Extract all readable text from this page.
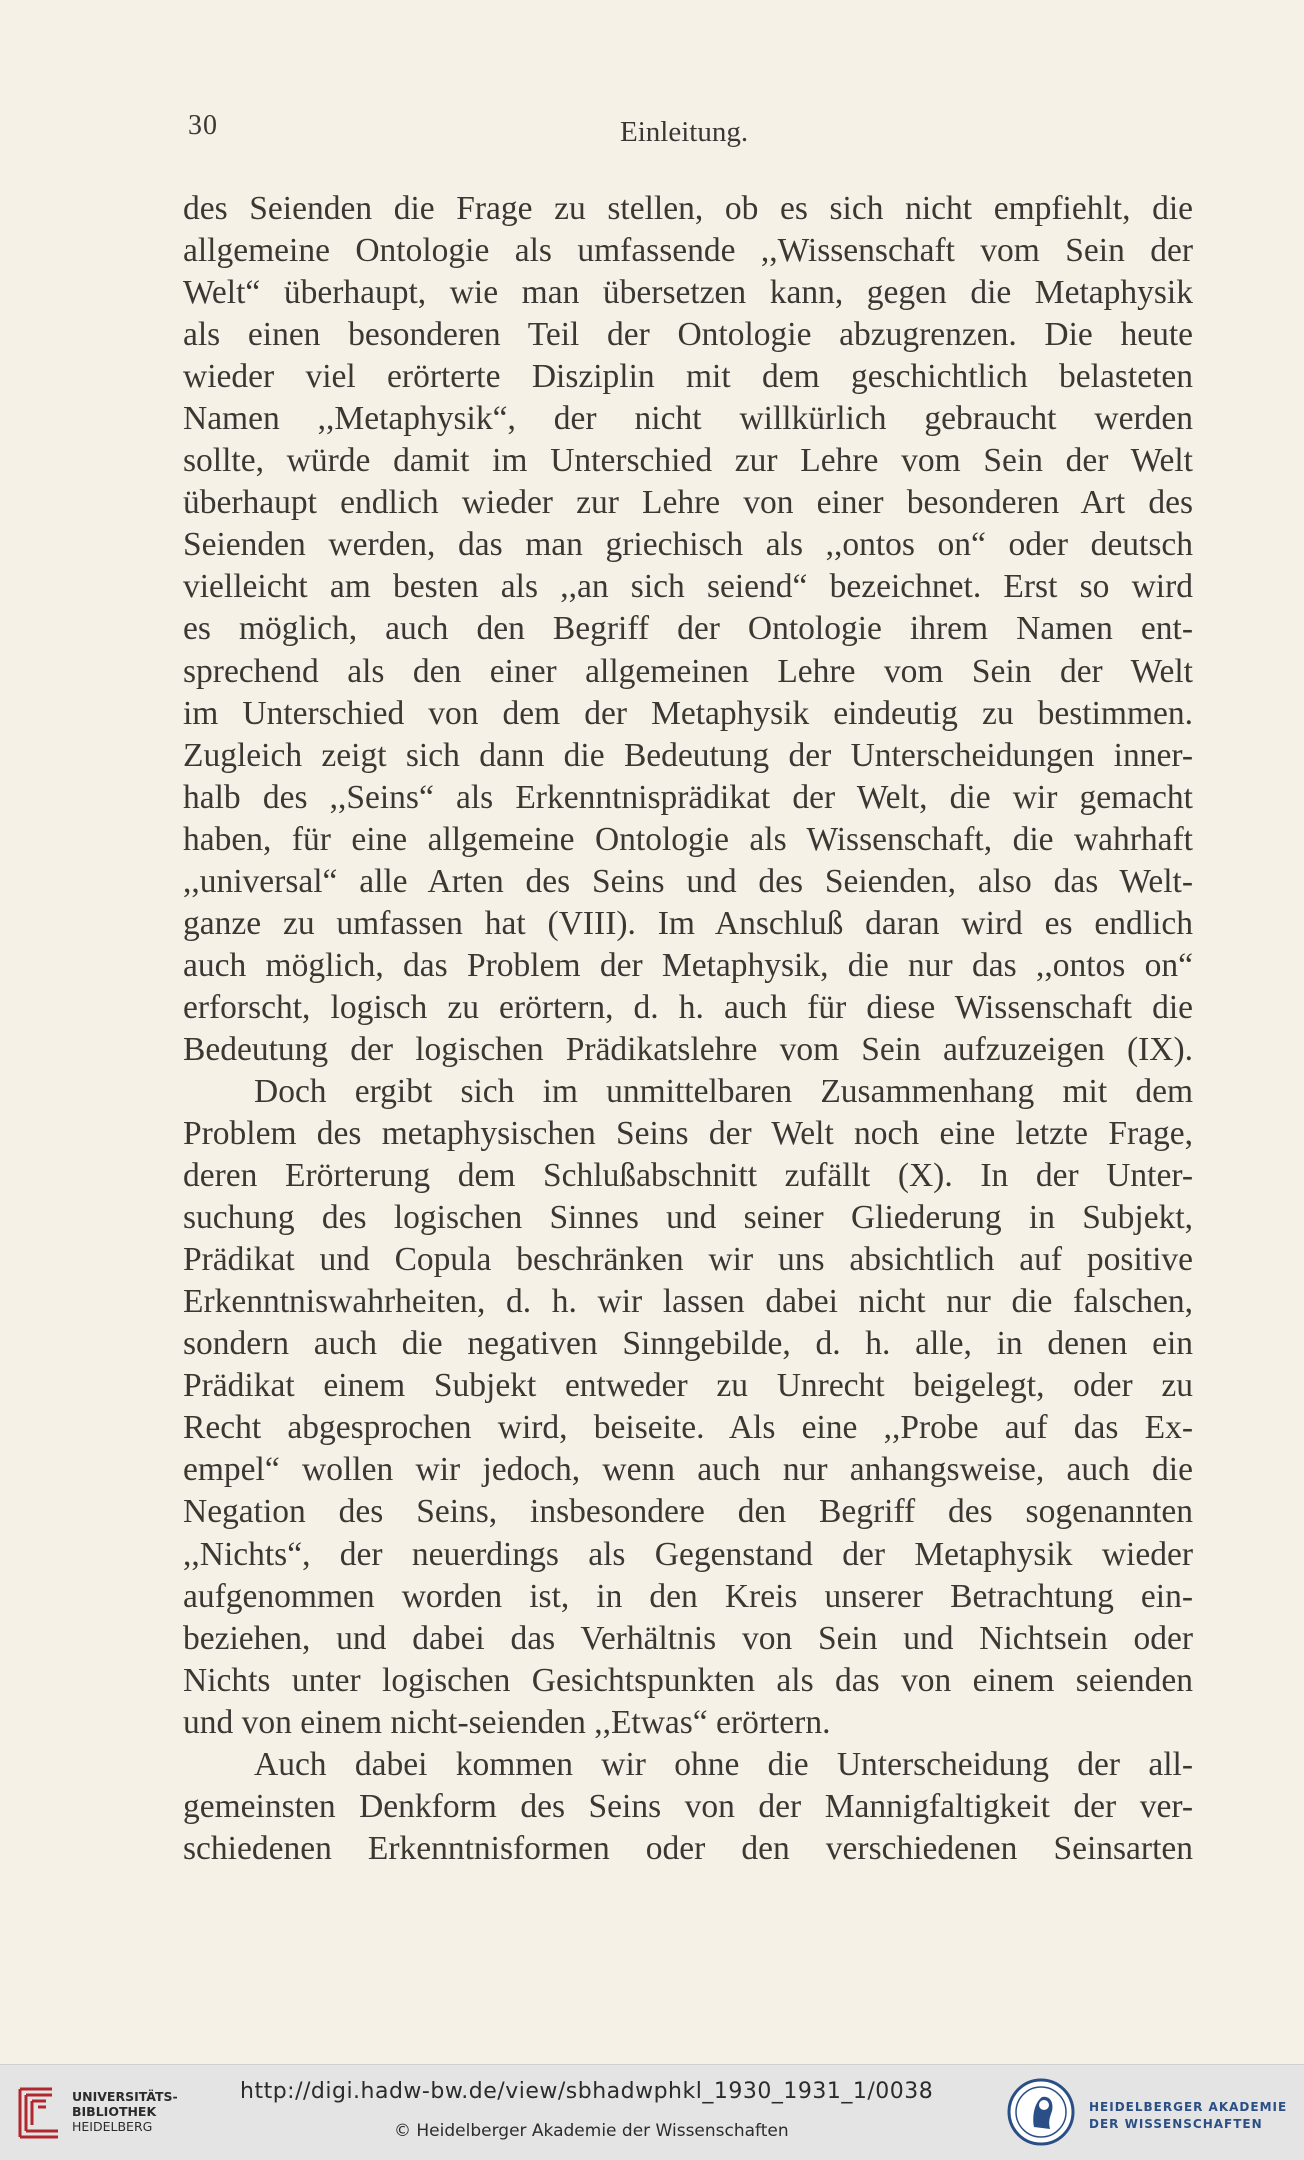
30	Einleitung.
des Seienden die Frage zu stellen, ob es sich nicht empfiehlt, die
allgemeine Ontologie als umfassende ,,Wissenschaft vom Sein der
Welt“ überhaupt, wie man übersetzen kann, gegen die Metaphysik
als einen besonderen Teil der Ontologie abzugrenzen. Die heute
wieder viel erörterte Disziplin mit dem geschichtlich belasteten
Namen ,,Metaphysik“, der nicht willkürlich gebraucht werden
sollte, würde damit im Unterschied zur Lehre vom Sein der Welt
überhaupt endlich wieder zur Lehre von einer besonderen Art des
Seienden werden, das man griechisch als ,,ontos on“ oder deutsch
vielleicht am besten als ,,an sich seiend“ bezeichnet. Erst so wird
es möglich, auch den Begriff der Ontologie ihrem Namen ent-
sprechend als den einer allgemeinen Lehre vom Sein der Welt
im Unterschied von dem der Metaphysik eindeutig zu bestimmen.
Zugleich zeigt sich dann die Bedeutung der Unterscheidungen inner-
halb des ,,Seins“ als Erkenntnisprädikat der Welt, die wir gemacht
haben, für eine allgemeine Ontologie als Wissenschaft, die wahrhaft
,,universal“ alle Arten des Seins und des Seienden, also das Welt-
ganze zu umfassen hat (VIII). Im Anschluß daran wird es endlich
auch möglich, das Problem der Metaphysik, die nur das ,,ontos on“
erforscht, logisch zu erörtern, d. h. auch für diese Wissenschaft die
Bedeutung der logischen Prädikatslehre vom Sein aufzuzeigen (IX).
Doch ergibt sich im unmittelbaren Zusammenhang mit dem
Problem des metaphysischen Seins der Welt noch eine letzte Frage,
deren Erörterung dem Schlußabschnitt zufällt (X). In der Unter-
suchung des logischen Sinnes und seiner Gliederung in Subjekt,
Prädikat und Copula beschränken wir uns absichtlich auf positive
Erkenntniswahrheiten, d. h. wir lassen dabei nicht nur die falschen,
sondern auch die negativen Sinngebilde, d. h. alle, in denen ein
Prädikat einem Subjekt entweder zu Unrecht beigelegt, oder zu
Recht abgesprochen wird, beiseite. Als eine ,,Probe auf das Ex-
empel“ wollen wir jedoch, wenn auch nur anhangsweise, auch die
Negation des Seins, insbesondere den Begriff des sogenannten
,,Nichts“, der neuerdings als Gegenstand der Metaphysik wieder
aufgenommen worden ist, in den Kreis unserer Betrachtung ein-
beziehen, und dabei das Verhältnis von Sein und Nichtsein oder
Nichts unter logischen Gesichtspunkten als das von einem seienden
und von einem nicht-seienden ,,Etwas“ erörtern.
Auch dabei kommen wir ohne die Unterscheidung der all-
gemeinsten Denkform des Seins von der Mannigfaltigkeit der ver-
schiedenen Erkenntnisformen oder den verschiedenen Seinsarten
UNIVERSITÄTS-
BIBLIOTHEK
HEIDELBERG
http://digi.hadw-bw.de/view/sbhadwphkl_1930_1931_1/0038
© Heidelberger Akademie der Wissenschaften
HEIDELBERGER AKADEMIE
DER WISSENSCHAFTEN
